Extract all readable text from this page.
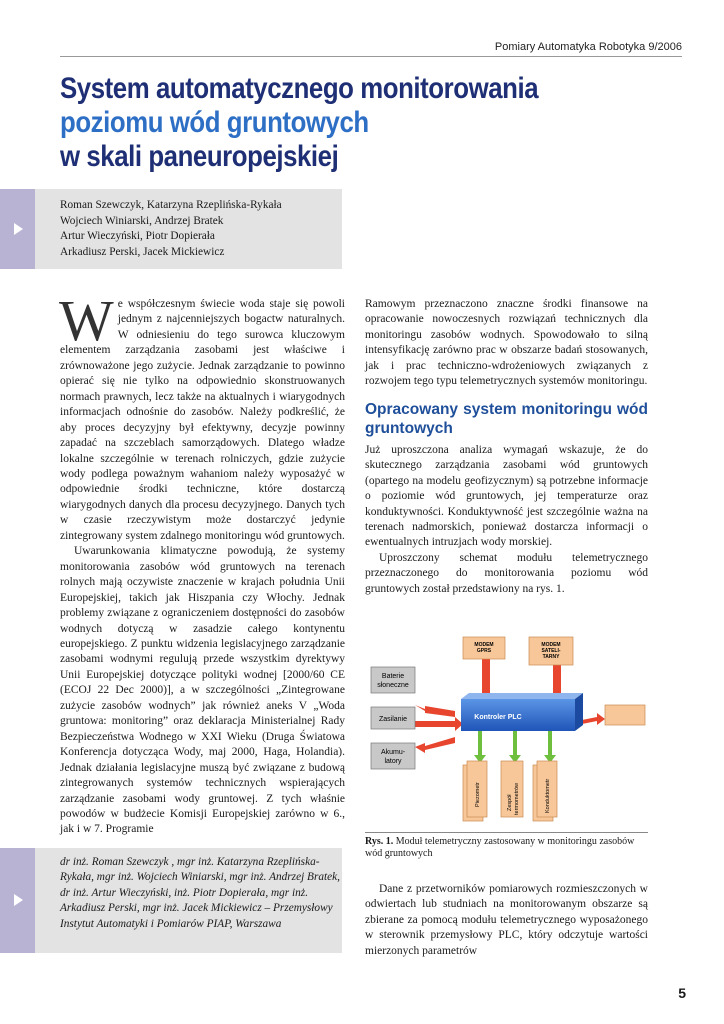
Pomiary Automatyka Robotyka 9/2006
System automatycznego monitorowania
poziomu wód gruntowych
w skali paneuropejskiej
Roman Szewczyk, Katarzyna Rzeplińska-Rykała
Wojciech Winiarski, Andrzej Bratek
Artur Wieczyński, Piotr Dopierała
Arkadiusz Perski, Jacek Mickiewicz

We współczesnym świecie woda staje się powoli jednym z najcenniejszych bogactw naturalnych. W odniesieniu do tego surowca kluczowym elementem zarządzania zasobami jest właściwe i zrównoważone jego zużycie. Jednak zarządzanie to powinno opierać się nie tylko na odpowiednio skonstruowanych normach prawnych, lecz także na aktualnych i wiarygodnych informacjach odnośnie do zasobów. Należy podkreślić, że aby proces decyzyjny był efektywny, decyzje powinny zapadać na szczeblach samorządowych. Dlatego władze lokalne szczególnie w terenach rolniczych, gdzie zużycie wody podlega poważnym wahaniom należy wyposażyć w odpowiednie środki techniczne, które dostarczą wiarygodnych danych dla procesu decyzyjnego. Danych tych w czasie rzeczywistym może dostarczyć jedynie zintegrowany system zdalnego monitoringu wód gruntowych.

Uwarunkowania klimatyczne powodują, że systemy monitorowania zasobów wód gruntowych na terenach rolnych mają oczywiste znaczenie w krajach południa Unii Europejskiej, takich jak Hiszpania czy Włochy. Jednak problemy związane z ograniczeniem dostępności do zasobów wodnych dotyczą w zasadzie całego kontynentu europejskiego. Z punktu widzenia legislacyjnego zarządzanie zasobami wodnymi regulują przede wszystkim dyrektywy Unii Europejskiej dotyczące polityki wodnej [2000/60 CE (ECOJ 22 Dec 2000)], a w szczególności „Zintegrowane zużycie zasobów wodnych” jak również aneks V „Woda gruntowa: monitoring” oraz deklaracja Ministerialnej Rady Bezpieczeństwa Wodnego w XXI Wieku (Druga Światowa Konferencja dotycząca Wody, maj 2000, Haga, Holandia). Jednak działania legislacyjne muszą być związane z budową zintegrowanych systemów technicznych wspierających zarządzanie zasobami wody gruntowej. Z tych właśnie powodów w budżecie Komisji Europejskiej zarówno w 6., jak i w 7. Programie

Ramowym przeznaczono znaczne środki finansowe na opracowanie nowoczesnych rozwiązań technicznych dla monitoringu zasobów wodnych. Spowodowało to silną intensyfikację zarówno prac w obszarze badań stosowanych, jak i prac techniczno-wdrożeniowych związanych z rozwojem tego typu telemetrycznych systemów monitoringu.

Opracowany system monitoringu wód gruntowych

Już uproszczona analiza wymagań wskazuje, że do skutecznego zarządzania zasobami wód gruntowych (opartego na modelu geofizycznym) są potrzebne informacje o poziomie wód gruntowych, jej temperaturze oraz konduktywności. Konduktywność jest szczególnie ważna na terenach nadmorskich, ponieważ dostarcza informacji o ewentualnych intruzjach wody morskiej.

Uproszczony schemat modułu telemetrycznego przeznaczonego do monitorowania poziomu wód gruntowych został przedstawiony na rys. 1.

MODEM
GPRS
MODEM
SATELI-
TARNY
Baterie
słoneczne
Zasilanie
Akumu-
latory
Kontroler PLC
Piezometr	Zespół termometrów	Konduktometr
Rys. 1. Moduł telemetryczny zastosowany w monitoringu zasobów wód gruntowych
dr inż. Roman Szewczyk , mgr inż. Katarzyna Rzeplińska-Rykała, mgr inż. Wojciech Winiarski, mgr inż. Andrzej Bratek, dr inż. Artur Wieczyński, inż. Piotr Dopierała, mgr inż. Arkadiusz Perski, mgr inż. Jacek Mickiewicz – Przemysłowy Instytut Automatyki i Pomiarów PIAP, Warszawa

Dane z przetworników pomiarowych rozmieszczonych w odwiertach lub studniach na monitorowanym obszarze są zbierane za pomocą modułu telemetrycznego wyposażonego w sterownik przemysłowy PLC, który odczytuje wartości mierzonych parametrów

5
